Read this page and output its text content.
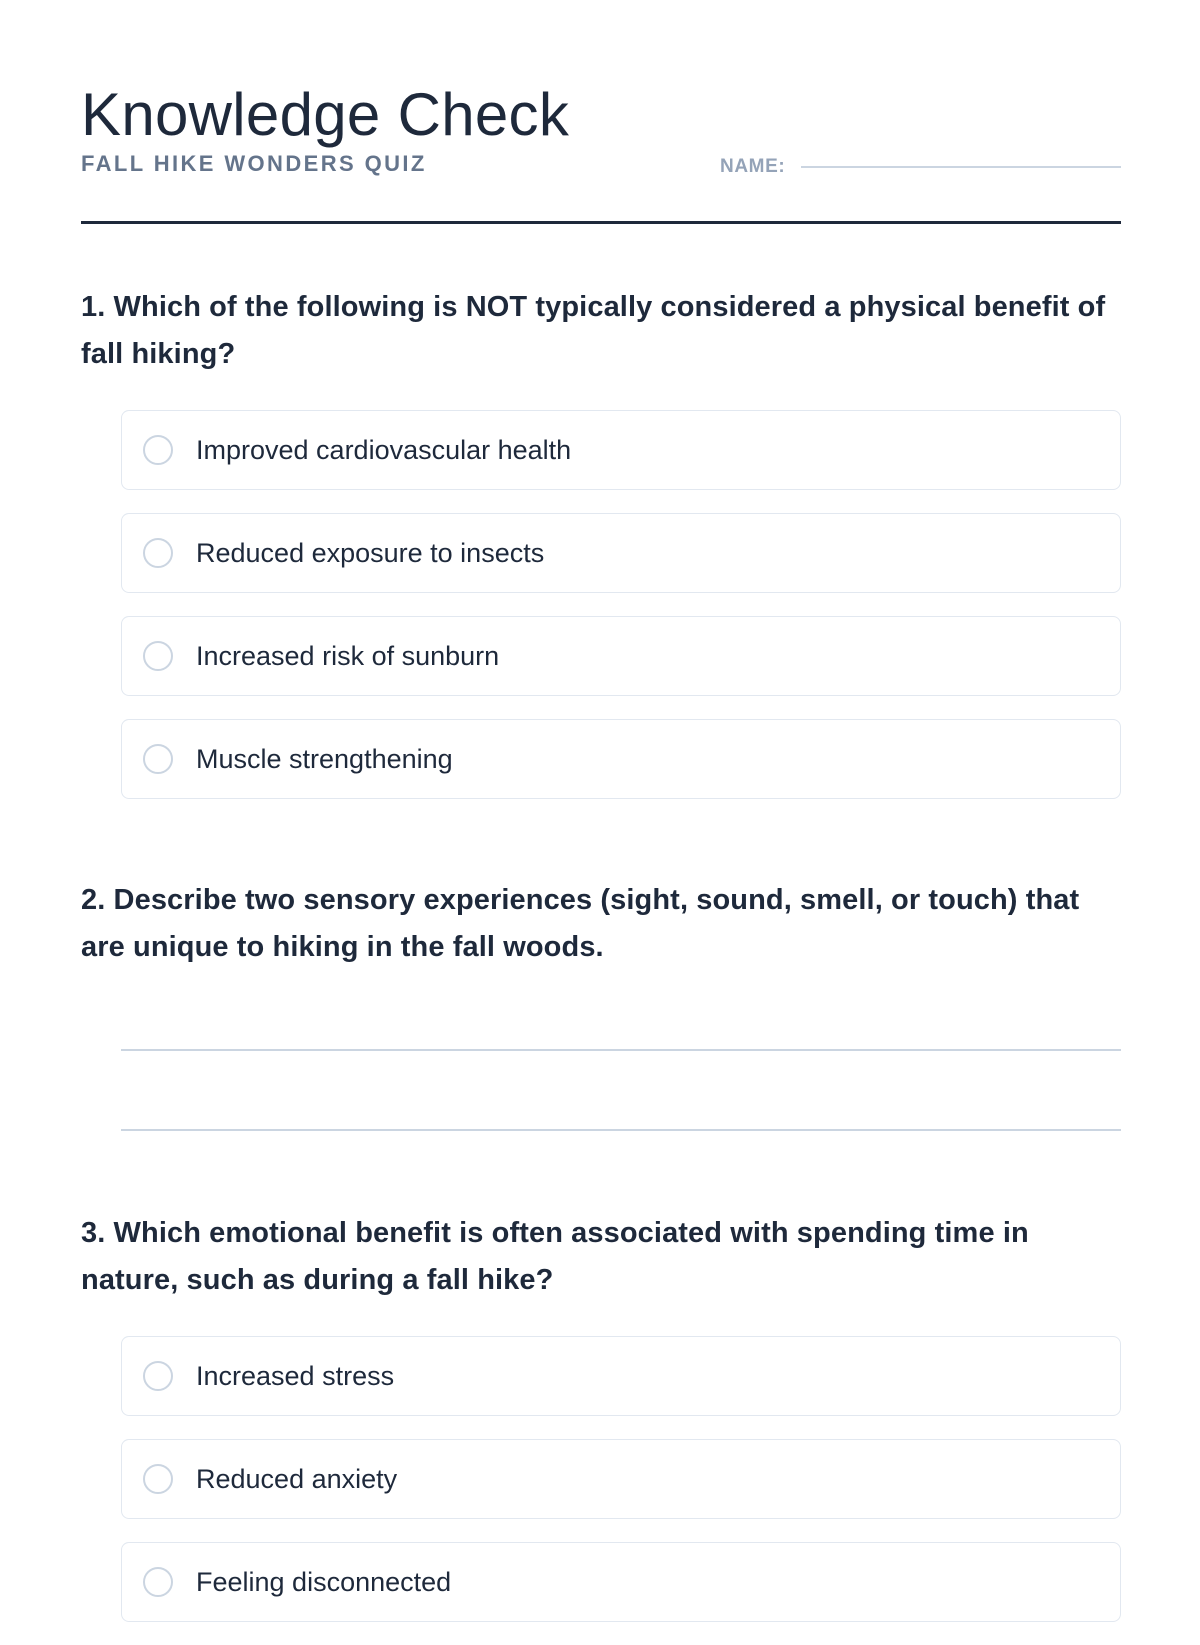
Knowledge Check
FALL HIKE WONDERS QUIZ	NAME:

1. Which of the following is NOT typically considered a physical benefit of fall hiking?

Improved cardiovascular health
Reduced exposure to insects
Increased risk of sunburn
Muscle strengthening

2. Describe two sensory experiences (sight, sound, smell, or touch) that are unique to hiking in the fall woods.

3. Which emotional benefit is often associated with spending time in nature, such as during a fall hike?

Increased stress
Reduced anxiety
Feeling disconnected
